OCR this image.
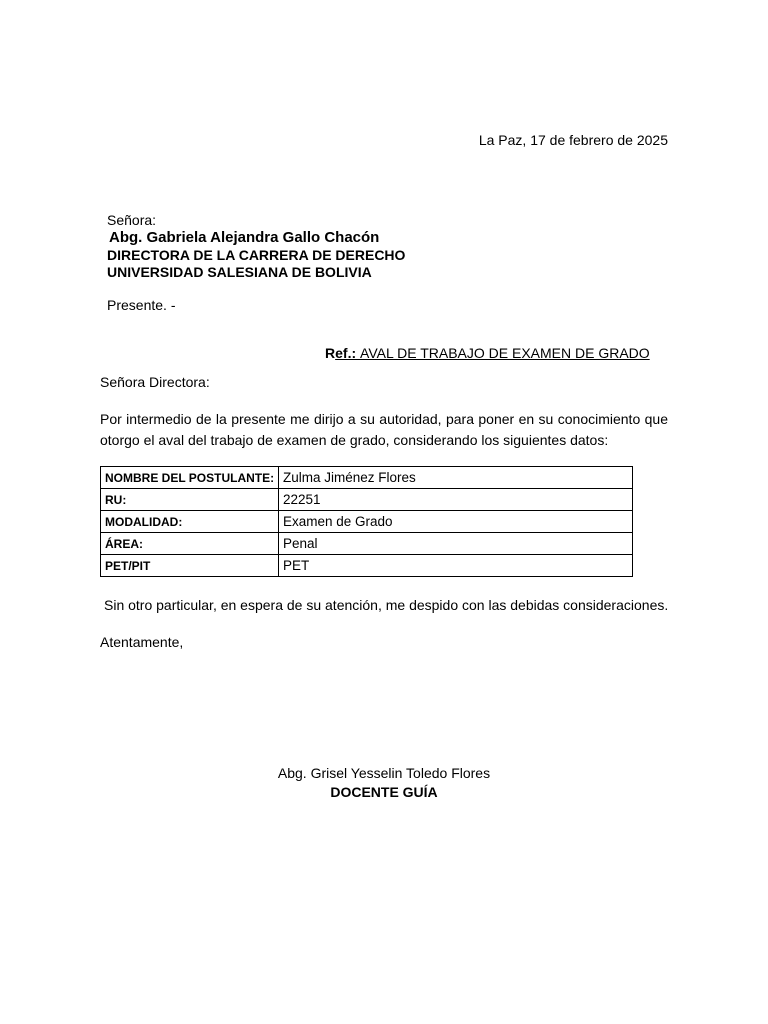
La Paz, 17 de febrero de 2025
Señora:
Abg. Gabriela Alejandra Gallo Chacón
DIRECTORA DE LA CARRERA DE DERECHO
UNIVERSIDAD SALESIANA DE BOLIVIA
Presente. -
Ref.: AVAL DE TRABAJO DE EXAMEN DE GRADO
Señora Directora:
Por intermedio de la presente me dirijo a su autoridad, para poner en su conocimiento que otorgo el aval del trabajo de examen de grado, considerando los siguientes datos:
NOMBRE DEL POSTULANTE:	Zulma Jiménez Flores
RU:	22251
MODALIDAD:	Examen de Grado
ÁREA:	Penal
PET/PIT	PET
Sin otro particular, en espera de su atención, me despido con las debidas consideraciones.
Atentamente,
Abg. Grisel Yesselin Toledo Flores
DOCENTE GUÍA
